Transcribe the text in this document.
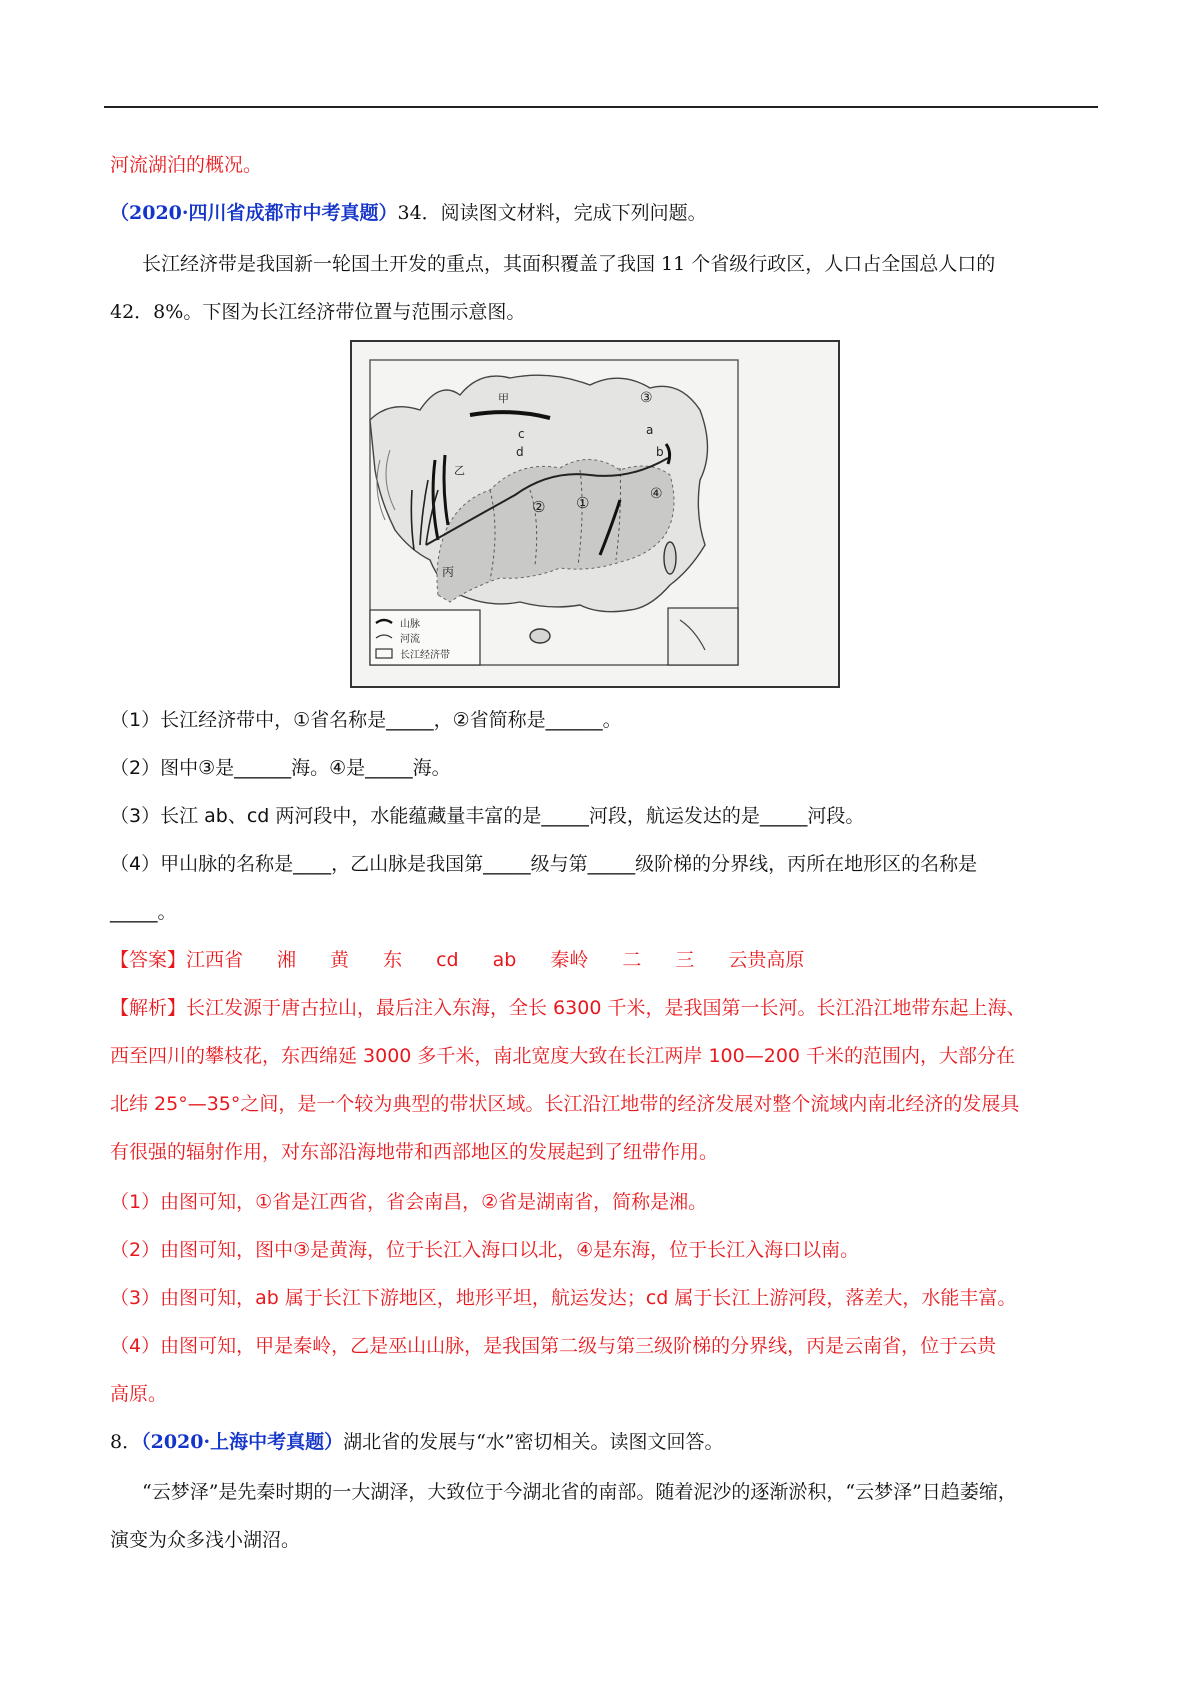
河流湖泊的概况。
（2020·四川省成都市中考真题）34．阅读图文材料，完成下列问题。
长江经济带是我国新一轮国土开发的重点，其面积覆盖了我国 11 个省级行政区，人口占全国总人口的
42．8%。下图为长江经济带位置与范围示意图。
山脉
河流
长江经济带
甲
乙
丙
c
d
a
b
①
②
③
④
（1）长江经济带中，①省名称是_____，②省简称是______。
（2）图中③是______海。④是_____海。
（3）长江 ab、cd 两河段中，水能蕴藏量丰富的是_____河段，航运发达的是_____河段。
（4）甲山脉的名称是____，乙山脉是我国第_____级与第_____级阶梯的分界线，丙所在地形区的名称是
_____。
【答案】江西省 湘 黄 东 cd ab 秦岭 二 三 云贵高原
【解析】长江发源于唐古拉山，最后注入东海，全长 6300 千米，是我国第一长河。长江沿江地带东起上海、
西至四川的攀枝花，东西绵延 3000 多千米，南北宽度大致在长江两岸 100—200 千米的范围内，大部分在
北纬 25°—35°之间，是一个较为典型的带状区域。长江沿江地带的经济发展对整个流域内南北经济的发展具
有很强的辐射作用，对东部沿海地带和西部地区的发展起到了纽带作用。
（1）由图可知，①省是江西省，省会南昌，②省是湖南省，简称是湘。
（2）由图可知，图中③是黄海，位于长江入海口以北，④是东海，位于长江入海口以南。
（3）由图可知，ab 属于长江下游地区，地形平坦，航运发达；cd 属于长江上游河段，落差大，水能丰富。
（4）由图可知，甲是秦岭，乙是巫山山脉，是我国第二级与第三级阶梯的分界线，丙是云南省，位于云贵
高原。
8．（2020·上海中考真题）湖北省的发展与“水”密切相关。读图文回答。
“云梦泽”是先秦时期的一大湖泽，大致位于今湖北省的南部。随着泥沙的逐渐淤积，“云梦泽”日趋萎缩，
演变为众多浅小湖沼。
